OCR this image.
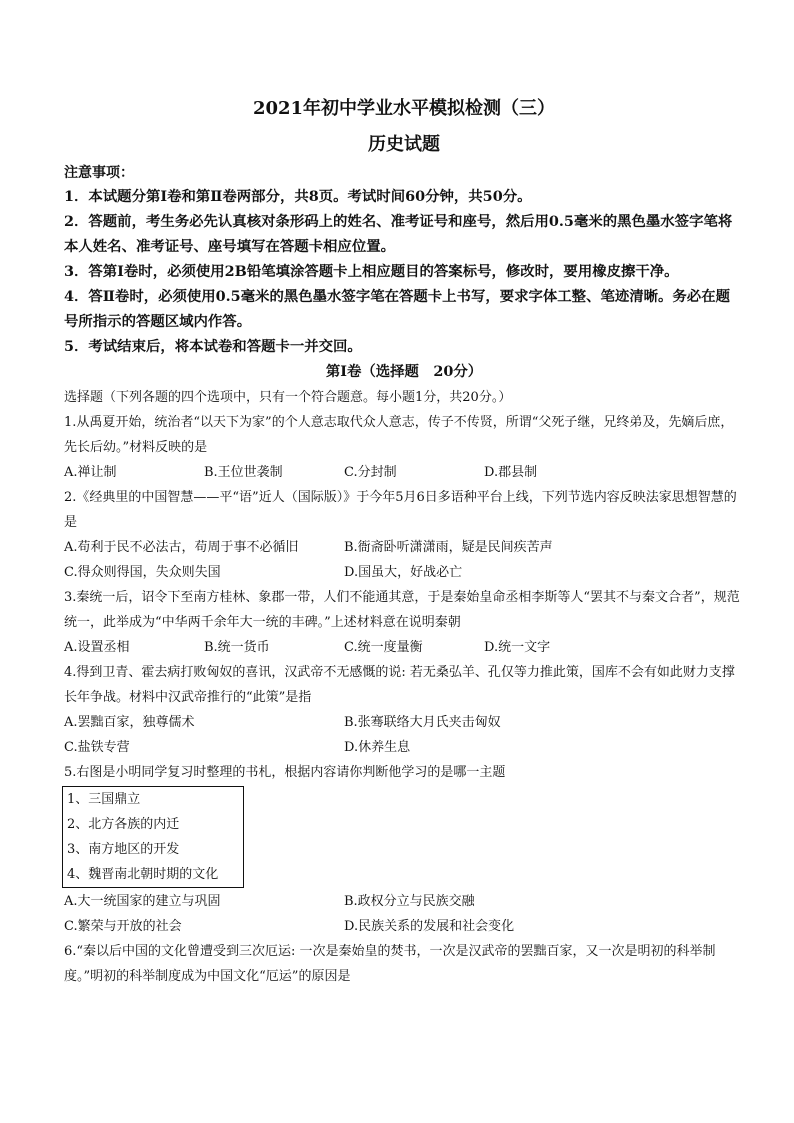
2021年初中学业水平模拟检测（三）
历史试题

注意事项：

1．本试题分第Ⅰ卷和第Ⅱ卷两部分，共8页。考试时间60分钟，共50分。

2．答题前，考生务必先认真核对条形码上的姓名、准考证号和座号，然后用0.5毫米的黑色墨水签字笔将本人姓名、准考证号、座号填写在答题卡相应位置。

3．答第Ⅰ卷时，必须使用2B铅笔填涂答题卡上相应题目的答案标号，修改时，要用橡皮擦干净。

4．答Ⅱ卷时，必须使用0.5毫米的黑色墨水签字笔在答题卡上书写，要求字体工整、笔迹清晰。务必在题号所指示的答题区域内作答。

5．考试结束后，将本试卷和答题卡一并交回。

第Ⅰ卷（选择题　20分）

选择题（下列各题的四个选项中，只有一个符合题意。每小题1分，共20分。）

1.从禹夏开始，统治者“以天下为家”的个人意志取代众人意志，传子不传贤，所谓“父死子继，兄终弟及，先嫡后庶，先长后幼。”材料反映的是

A.禅让制	B.王位世袭制	C.分封制	D.郡县制

2.《经典里的中国智慧——平“语”近人（国际版）》于今年5月6日多语种平台上线，下列节选内容反映法家思想智慧的是

A.苟利于民不必法古，苟周于事不必循旧	B.衙斋卧听潇潇雨，疑是民间疾苦声
C.得众则得国，失众则失国	D.国虽大，好战必亡

3.秦统一后，诏令下至南方桂林、象郡一带，人们不能通其意，于是秦始皇命丞相李斯等人“罢其不与秦文合者”，规范统一，此举成为“中华两千余年大一统的丰碑。”上述材料意在说明秦朝

A.设置丞相	B.统一货币	C.统一度量衡	D.统一文字

4.得到卫青、霍去病打败匈奴的喜讯，汉武帝不无感慨的说: 若无桑弘羊、孔仅等力推此策，国库不会有如此财力支撑长年争战。材料中汉武帝推行的“此策”是指

A.罢黜百家，独尊儒术	B.张骞联络大月氏夹击匈奴
C.盐铁专营	D.休养生息

5.右图是小明同学复习时整理的书札，根据内容请你判断他学习的是哪一主题

1、三国鼎立
2、北方各族的内迁
3、南方地区的开发
4、魏晋南北朝时期的文化
A.大一统国家的建立与巩固	B.政权分立与民族交融
C.繁荣与开放的社会	D.民族关系的发展和社会变化

6.“秦以后中国的文化曾遭受到三次厄运: 一次是秦始皇的焚书，一次是汉武帝的罢黜百家，又一次是明初的科举制度。”明初的科举制度成为中国文化“厄运”的原因是
